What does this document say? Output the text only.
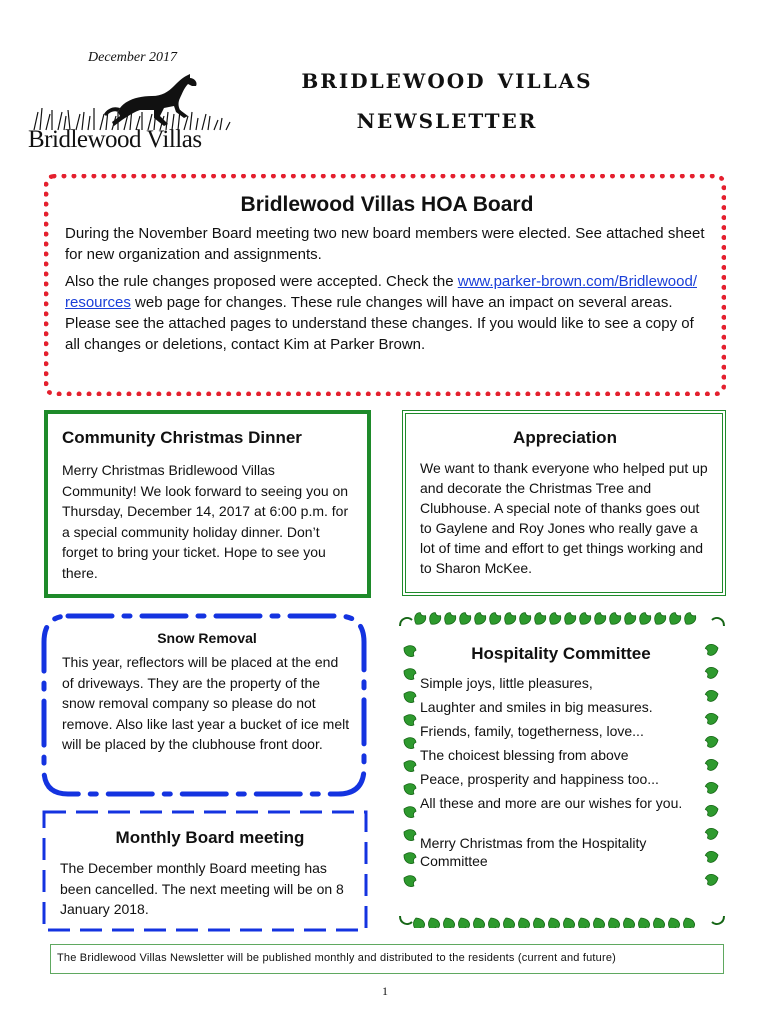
December 2017
Bridlewood Villas
bridlewood villas
newsletter
Bridlewood Villas HOA Board

During the November Board meeting two new board members were elected. See attached sheet for new organization and assignments.

Also the rule changes proposed were accepted. Check the www.parker-brown.com/Bridlewood/ resources web page for changes. These rule changes will have an impact on several areas. Please see the attached pages to understand these changes. If you would like to see a copy of all changes or deletions, contact Kim at Parker Brown.

Community Christmas Dinner

Merry Christmas Bridlewood Villas Community! We look forward to seeing you on Thursday, December 14, 2017 at 6:00 p.m. for a special community holiday dinner. Don’t forget to bring your ticket. Hope to see you there.

Appreciation

We want to thank everyone who helped put up and decorate the Christmas Tree and Clubhouse. A special note of thanks goes out to Gaylene and Roy Jones who really gave a lot of time and effort to get things working and to Sharon McKee.

Snow Removal

This year, reflectors will be placed at the end of driveways. They are the property of the snow removal company so please do not remove. Also like last year a bucket of ice melt will be placed by the clubhouse front door.

Monthly Board meeting

The December monthly Board meeting has been cancelled. The next meeting will be on 8 January 2018.

Hospitality Committee

Simple joys, little pleasures,

Laughter and smiles in big measures.

Friends, family, togetherness, love...

The choicest blessing from above

Peace, prosperity and happiness too...

All these and more are our wishes for you.

Merry Christmas from the Hospitality Committee

The Bridlewood Villas Newsletter will be published monthly and distributed to the residents (current and future)
1
